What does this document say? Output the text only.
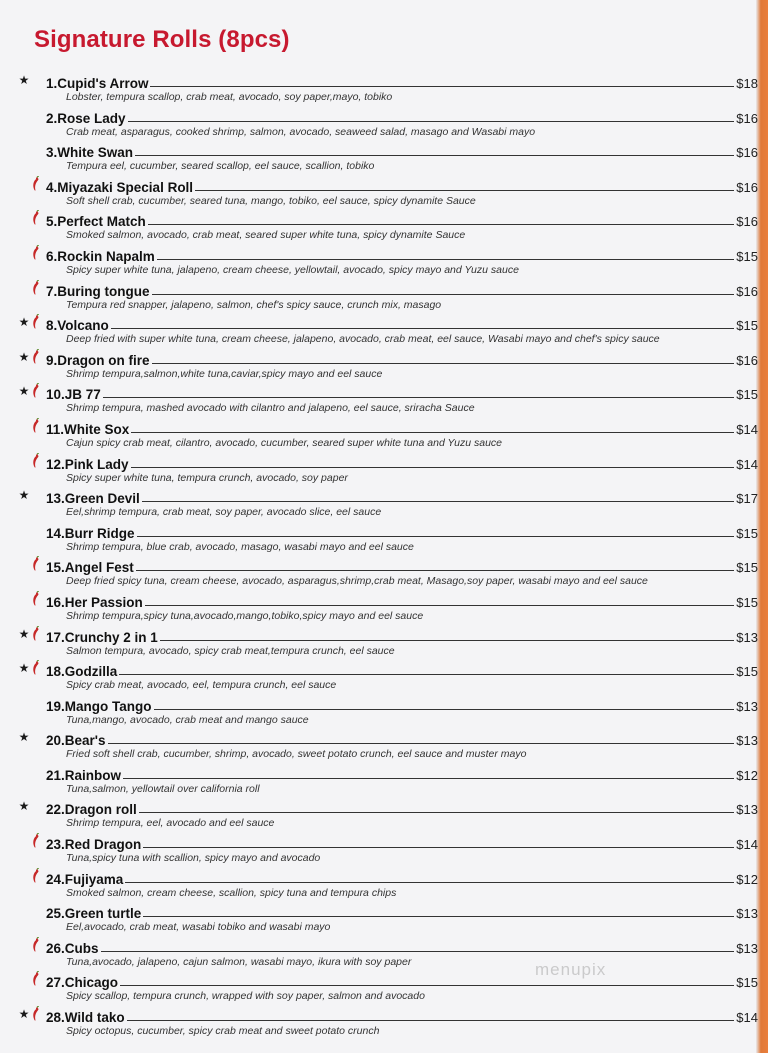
Signature Rolls (8pcs)
★ 1.Cupid's Arrow	$18
Lobster, tempura scallop, crab meat, avocado, soy paper,mayo, tobiko
2.Rose Lady	$16
Crab meat, asparagus, cooked shrimp, salmon, avocado, seaweed salad, masago and Wasabi mayo
3.White Swan	$16
Tempura eel, cucumber, seared scallop, eel sauce, scallion, tobiko
4.Miyazaki Special Roll	$16
Soft shell crab, cucumber, seared tuna, mango, tobiko, eel sauce, spicy dynamite Sauce
5.Perfect Match	$16
Smoked salmon, avocado, crab meat, seared super white tuna, spicy dynamite Sauce
6.Rockin Napalm	$15
Spicy super white tuna, jalapeno, cream cheese, yellowtail, avocado, spicy mayo and Yuzu sauce
7.Buring tongue	$16
Tempura red snapper, jalapeno, salmon, chef's spicy sauce, crunch mix, masago
★ 8.Volcano	$15
Deep fried with super white tuna, cream cheese, jalapeno, avocado, crab meat, eel sauce, Wasabi mayo and chef's spicy sauce
★ 9.Dragon on fire	$16
Shrimp tempura,salmon,white tuna,caviar,spicy mayo and eel sauce
★ 10.JB 77	$15
Shrimp tempura, mashed avocado with cilantro and jalapeno, eel sauce, sriracha Sauce
11.White Sox	$14
Cajun spicy crab meat, cilantro, avocado, cucumber, seared super white tuna and Yuzu sauce
12.Pink Lady	$14
Spicy super white tuna, tempura crunch, avocado, soy paper
★ 13.Green Devil	$17
Eel,shrimp tempura, crab meat, soy paper, avocado slice, eel sauce
14.Burr Ridge	$15
Shrimp tempura, blue crab, avocado, masago, wasabi mayo and eel sauce
15.Angel Fest	$15
Deep fried spicy tuna, cream cheese, avocado, asparagus,shrimp,crab meat, Masago,soy paper, wasabi mayo and eel sauce
16.Her Passion	$15
Shrimp tempura,spicy tuna,avocado,mango,tobiko,spicy mayo and eel sauce
★ 17.Crunchy 2 in 1	$13
Salmon tempura, avocado, spicy crab meat,tempura crunch, eel sauce
★ 18.Godzilla	$15
Spicy crab meat, avocado, eel, tempura crunch, eel sauce
19.Mango Tango	$13
Tuna,mango, avocado, crab meat and mango sauce
★ 20.Bear's	$13
Fried soft shell crab, cucumber, shrimp, avocado, sweet potato crunch, eel sauce and muster mayo
21.Rainbow	$12
Tuna,salmon, yellowtail over california roll
★ 22.Dragon roll	$13
Shrimp tempura, eel, avocado and eel sauce
23.Red Dragon	$14
Tuna,spicy tuna with scallion, spicy mayo and avocado
24.Fujiyama	$12
Smoked salmon, cream cheese, scallion, spicy tuna and tempura chips
25.Green turtle	$13
Eel,avocado, crab meat, wasabi tobiko and wasabi mayo
26.Cubs	$13
Tuna,avocado, jalapeno, cajun salmon, wasabi mayo, ikura with soy paper
27.Chicago	$15
Spicy scallop, tempura crunch, wrapped with soy paper, salmon and avocado
★ 28.Wild tako	$14
Spicy octopus, cucumber, spicy crab meat and sweet potato crunch
menupix
